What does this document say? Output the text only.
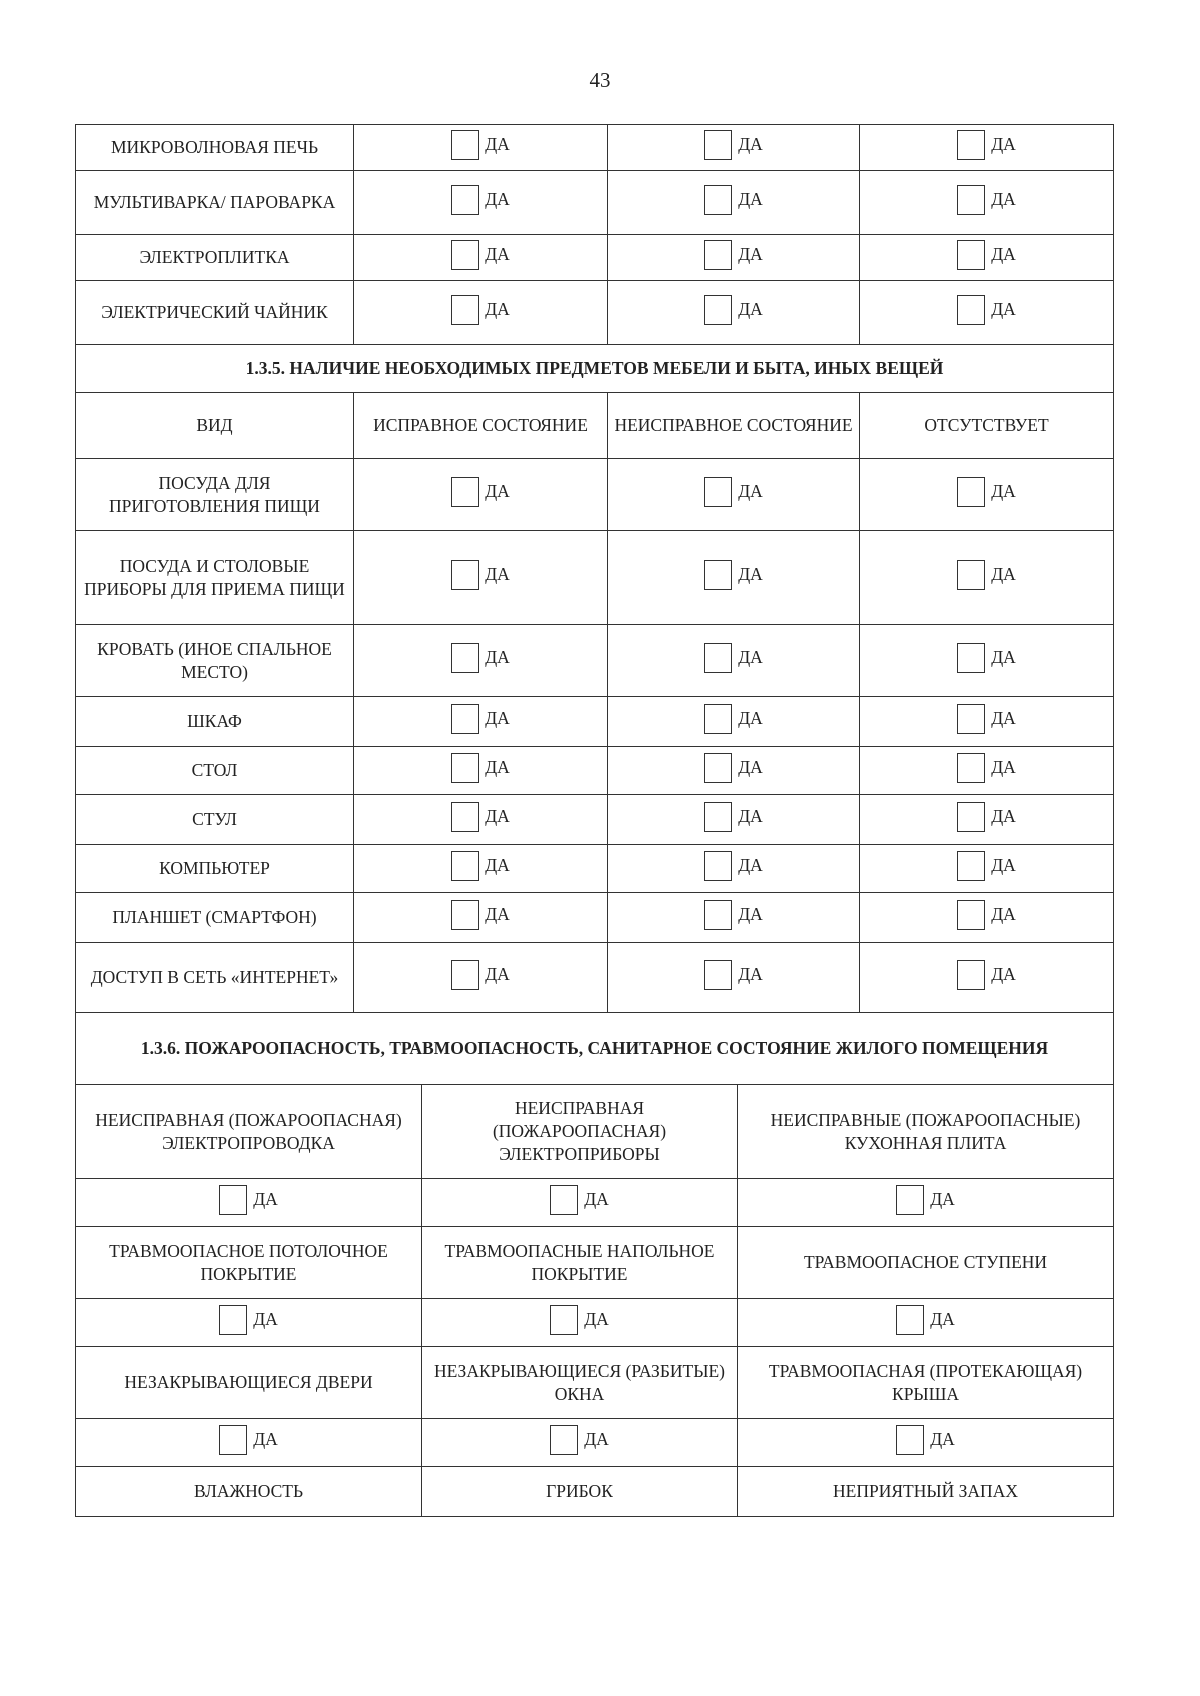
43
МИКРОВОЛНОВАЯ ПЕЧЬ	ДА		ДА		ДА

МУЛЬТИВАРКА/ ПАРОВАРКА	ДА		ДА		ДА

ЭЛЕКТРОПЛИТКА	ДА		ДА		ДА

ЭЛЕКТРИЧЕСКИЙ ЧАЙНИК	ДА		ДА		ДА

1.3.5. НАЛИЧИЕ НЕОБХОДИМЫХ ПРЕДМЕТОВ МЕБЕЛИ И БЫТА, ИНЫХ ВЕЩЕЙ					
ВИД	ИСПРАВНОЕ СОСТОЯНИЕ		НЕИСПРАВНОЕ СОСТОЯНИЕ		ОТСУТСТВУЕТ
ПОСУДА ДЛЯ ПРИГОТОВЛЕНИЯ ПИЩИ	ДА		ДА		ДА

ПОСУДА И СТОЛОВЫЕ ПРИБОРЫ ДЛЯ ПРИЕМА ПИЩИ	ДА		ДА		ДА

КРОВАТЬ (ИНОЕ СПАЛЬНОЕ МЕСТО)	ДА		ДА		ДА

ШКАФ	ДА		ДА		ДА

СТОЛ	ДА		ДА		ДА

СТУЛ	ДА		ДА		ДА

КОМПЬЮТЕР	ДА		ДА		ДА

ПЛАНШЕТ (СМАРТФОН)	ДА		ДА		ДА

ДОСТУП В СЕТЬ «ИНТЕРНЕТ»	ДА		ДА		ДА

1.3.6. ПОЖАРООПАСНОСТЬ, ТРАВМООПАСНОСТЬ, САНИТАРНОЕ СОСТОЯНИЕ ЖИЛОГО ПОМЕЩЕНИЯ					
НЕИСПРАВНАЯ (ПОЖАРООПАСНАЯ) ЭЛЕКТРОПРОВОДКА		НЕИСПРАВНАЯ (ПОЖАРООПАСНАЯ) ЭЛЕКТРОПРИБОРЫ		НЕИСПРАВНЫЕ (ПОЖАРООПАСНЫЕ) КУХОННАЯ ПЛИТА	

ДА		ДА		ДА	

ТРАВМООПАСНОЕ ПОТОЛОЧНОЕ ПОКРЫТИЕ		ТРАВМООПАСНЫЕ НАПОЛЬНОЕ ПОКРЫТИЕ		ТРАВМООПАСНОЕ СТУПЕНИ	

ДА		ДА		ДА	

НЕЗАКРЫВАЮЩИЕСЯ ДВЕРИ		НЕЗАКРЫВАЮЩИЕСЯ (РАЗБИТЫЕ) ОКНА		ТРАВМООПАСНАЯ (ПРОТЕКАЮЩАЯ) КРЫША	

ДА		ДА		ДА	

ВЛАЖНОСТЬ		ГРИБОК		НЕПРИЯТНЫЙ ЗАПАХ	
